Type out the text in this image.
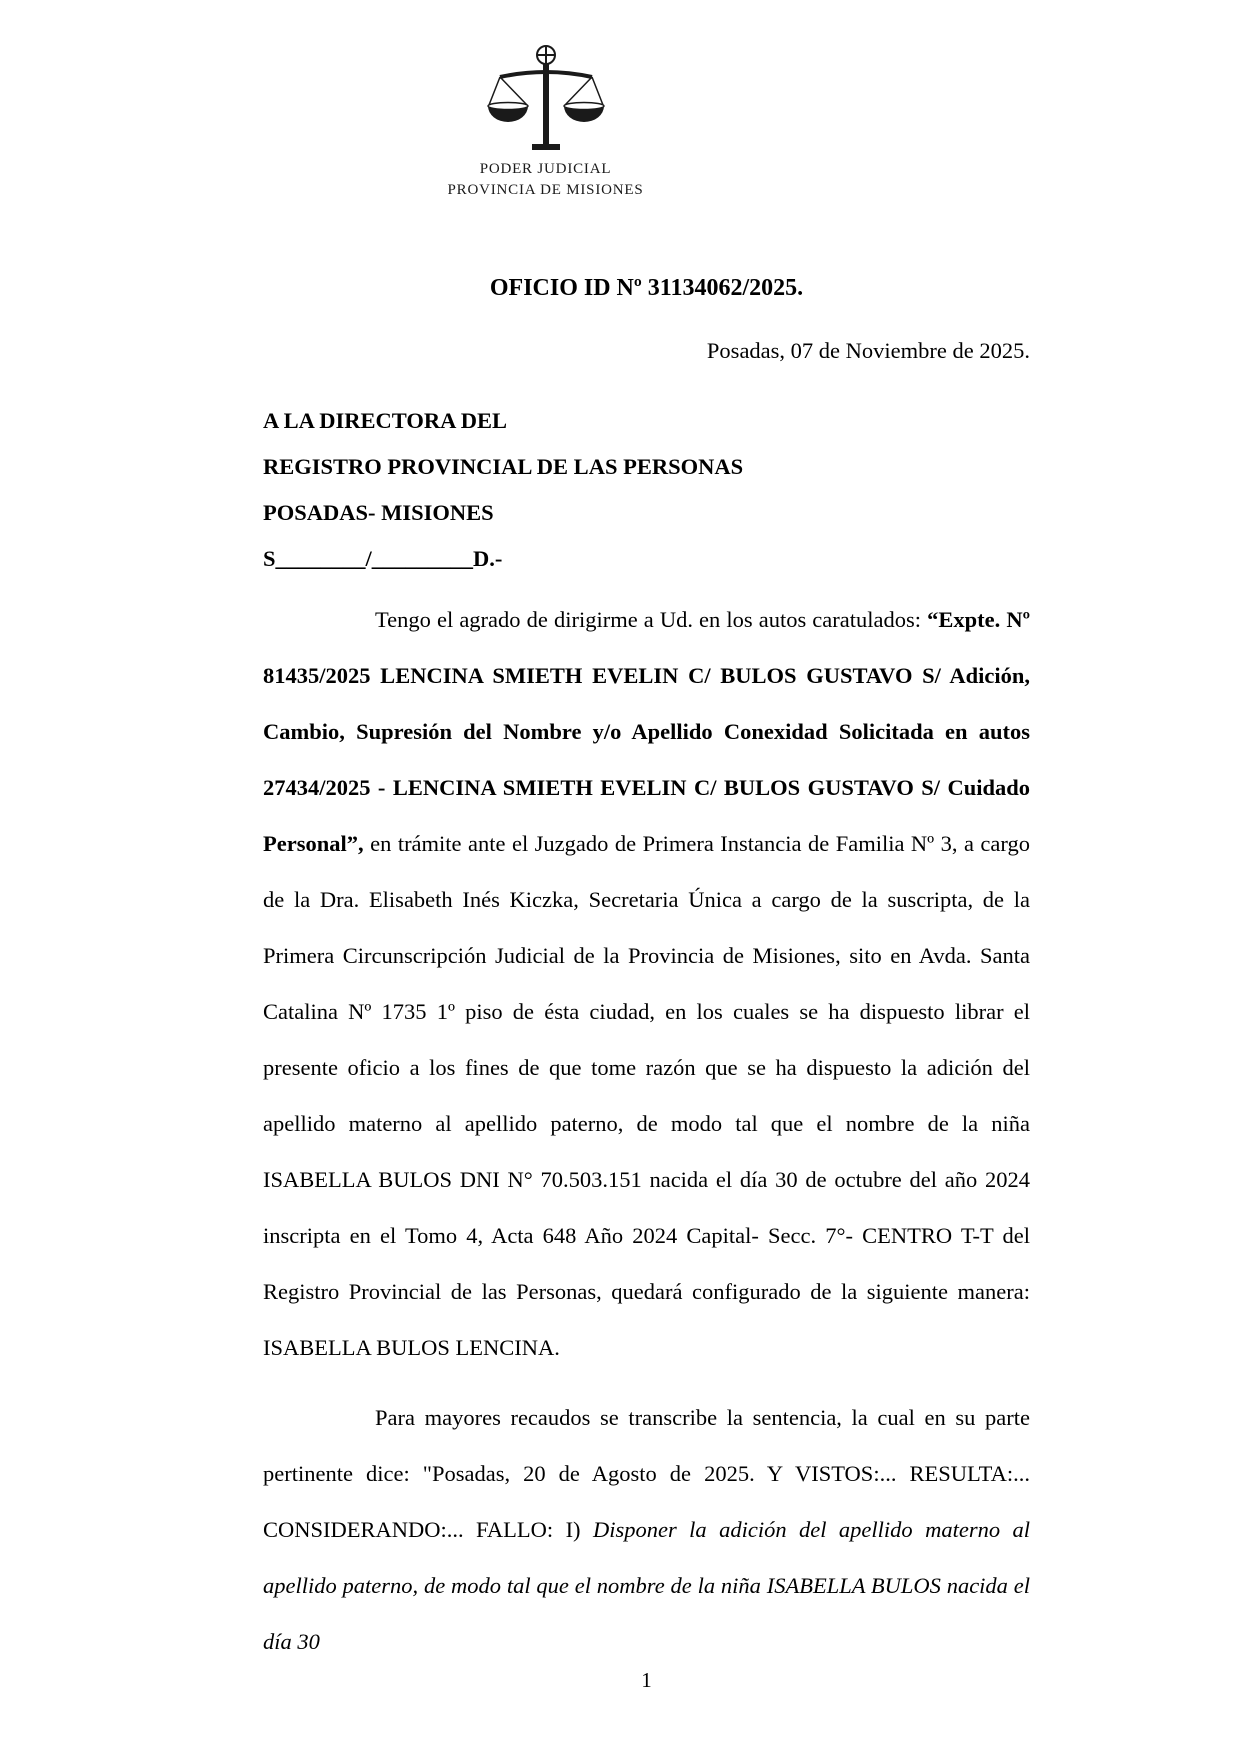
PODER JUDICIAL
PROVINCIA DE MISIONES
OFICIO ID Nº 31134062/2025.
Posadas, 07 de Noviembre de 2025.
A LA DIRECTORA DEL
REGISTRO PROVINCIAL DE LAS PERSONAS
POSADAS- MISIONES
S________/_________D.-

Tengo el agrado de dirigirme a Ud. en los autos caratulados: “Expte. Nº 81435/2025 LENCINA SMIETH EVELIN C/ BULOS GUSTAVO S/ Adición, Cambio, Supresión del Nombre y/o Apellido Conexidad Solicitada en autos 27434/2025 - LENCINA SMIETH EVELIN C/ BULOS GUSTAVO S/ Cuidado Personal”, en trámite ante el Juzgado de Primera Instancia de Familia Nº 3, a cargo de la Dra. Elisabeth Inés Kiczka, Secretaria Única a cargo de la suscripta, de la Primera Circunscripción Judicial de la Provincia de Misiones, sito en Avda. Santa Catalina Nº 1735 1º piso de ésta ciudad, en los cuales se ha dispuesto librar el presente oficio a los fines de que tome razón que se ha dispuesto la adición del apellido materno al apellido paterno, de modo tal que el nombre de la niña ISABELLA BULOS DNI N° 70.503.151 nacida el día 30 de octubre del año 2024 inscripta en el Tomo 4, Acta 648 Año 2024 Capital- Secc. 7°- CENTRO T-T del Registro Provincial de las Personas, quedará configurado de la siguiente manera: ISABELLA BULOS LENCINA.

Para mayores recaudos se transcribe la sentencia, la cual en su parte pertinente dice: "Posadas, 20 de Agosto de 2025. Y VISTOS:... RESULTA:... CONSIDERANDO:... FALLO: I) Disponer la adición del apellido materno al apellido paterno, de modo tal que el nombre de la niña ISABELLA BULOS nacida el día 30

1
